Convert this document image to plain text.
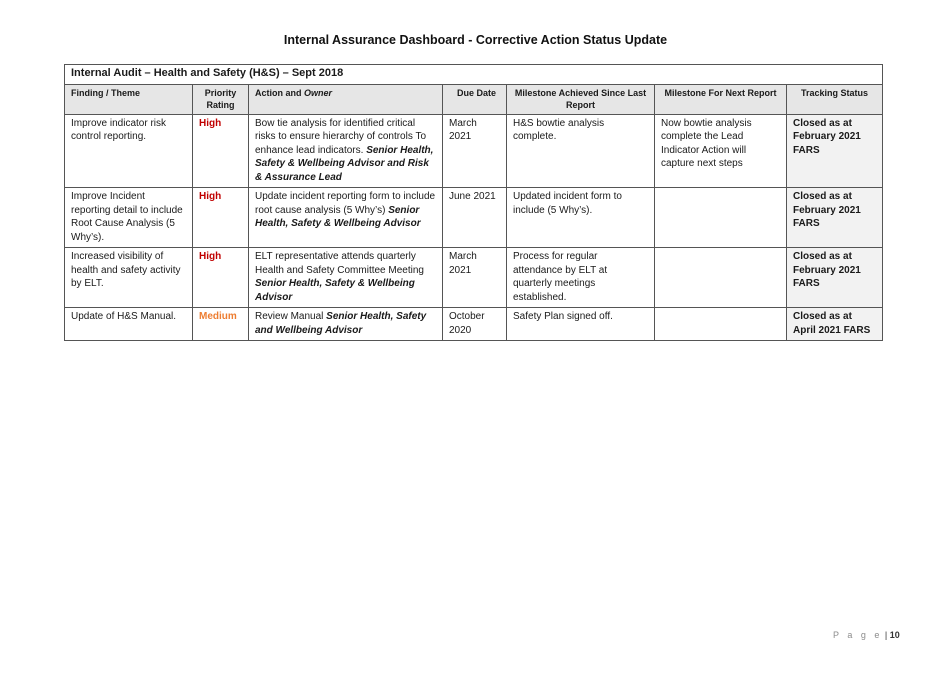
Internal Assurance Dashboard - Corrective Action Status Update
Internal Audit – Health and Safety (H&S) – Sept 2018						
Finding / Theme	Priority Rating	Action and Owner	Due Date	Milestone Achieved Since Last Report	Milestone For Next Report	Tracking Status
Improve indicator risk control reporting.	High	Bow tie analysis for identified critical risks to ensure hierarchy of controls To enhance lead indicators. Senior Health, Safety & Wellbeing Advisor and Risk & Assurance Lead	March 2021	H&S bowtie analysis complete.	Now bowtie analysis complete the Lead Indicator Action will capture next steps	Closed as at February 2021 FARS
Improve Incident reporting detail to include Root Cause Analysis (5 Why’s).	High	Update incident reporting form to include root cause analysis (5 Why’s) Senior Health, Safety & Wellbeing Advisor	June 2021	Updated incident form to include (5 Why’s).		Closed as at February 2021 FARS
Increased visibility of health and safety activity by ELT.	High	ELT representative attends quarterly Health and Safety Committee Meeting Senior Health, Safety & Wellbeing Advisor	March 2021	Process for regular attendance by ELT at quarterly meetings established.		Closed as at February 2021 FARS
Update of H&S Manual.	Medium	Review Manual Senior Health, Safety and Wellbeing Advisor	October 2020	Safety Plan signed off.		Closed as at April 2021 FARS
P a g e | 10
